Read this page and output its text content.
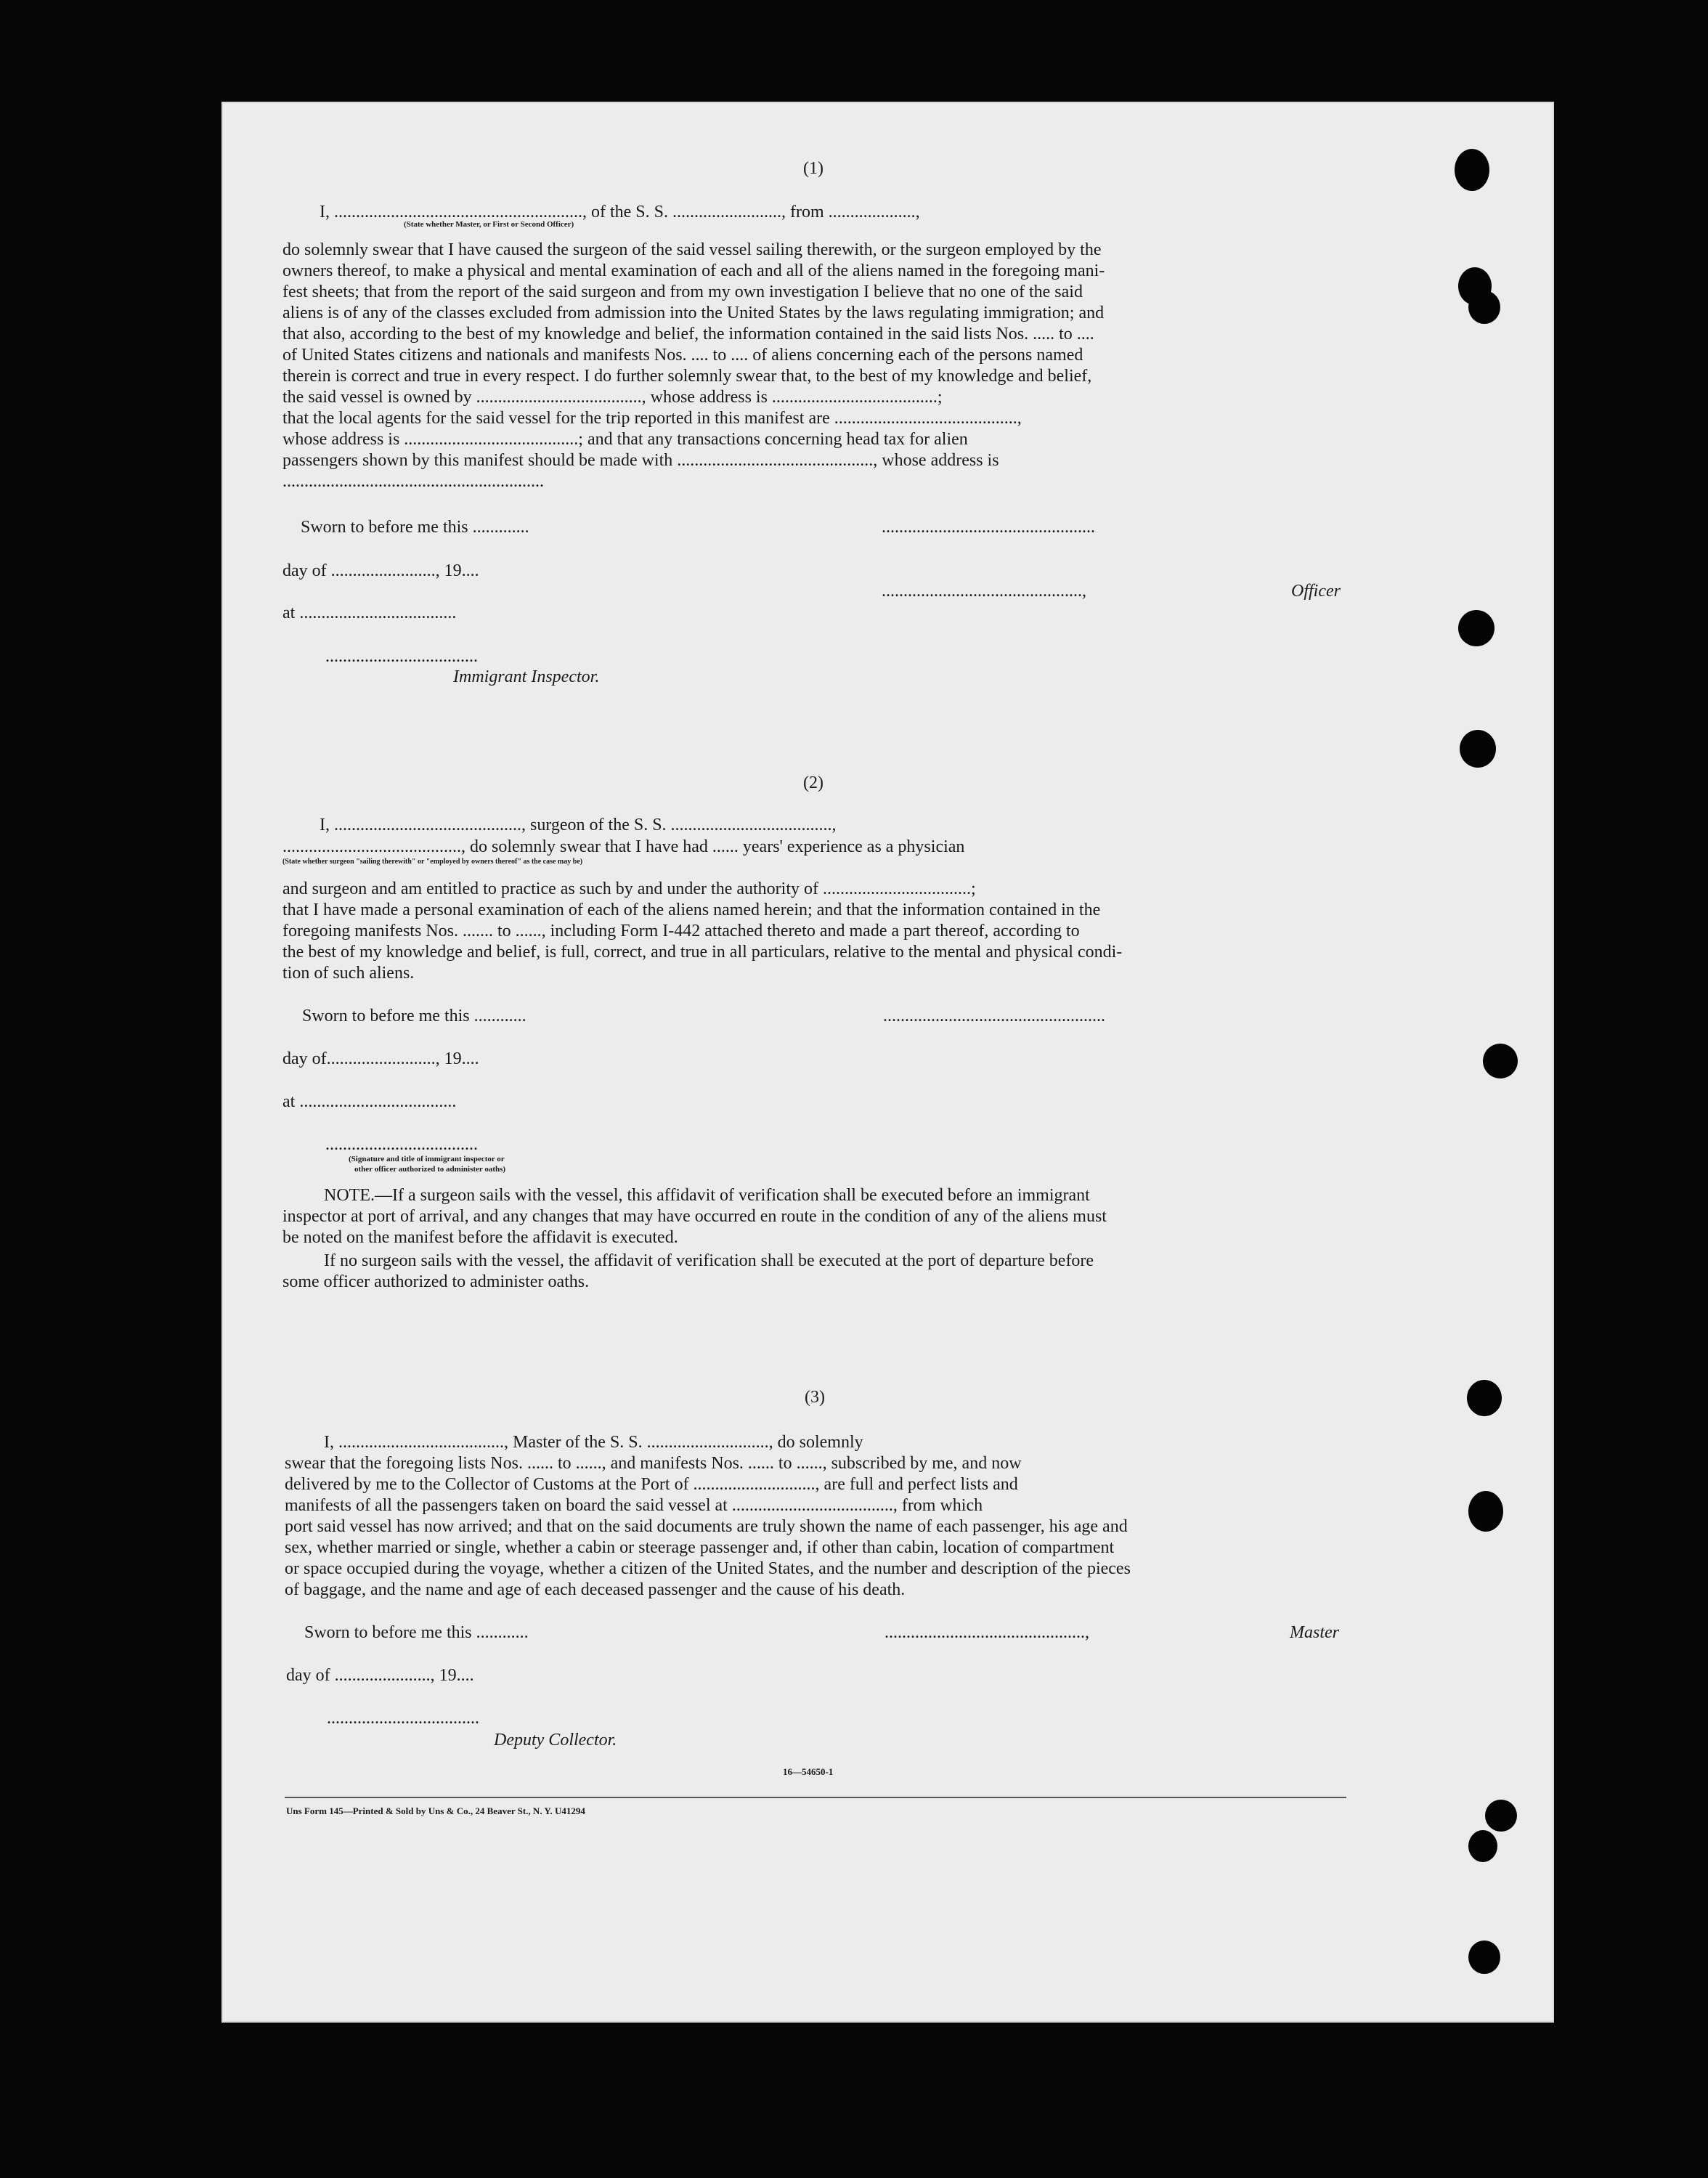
(1)
I, ........................................................., of the S. S. ........................., from ....................,
(State whether Master, or First or Second Officer)
do solemnly swear that I have caused the surgeon of the said vessel sailing therewith, or the surgeon employed by the
owners thereof, to make a physical and mental examination of each and all of the aliens named in the foregoing mani-
fest sheets; that from the report of the said surgeon and from my own investigation I believe that no one of the said
aliens is of any of the classes excluded from admission into the United States by the laws regulating immigration; and
that also, according to the best of my knowledge and belief, the information contained in the said lists Nos. ..... to ....
of United States citizens and nationals and manifests Nos. .... to .... of aliens concerning each of the persons named
therein is correct and true in every respect. I do further solemnly swear that, to the best of my knowledge and belief,
the said vessel is owned by ......................................, whose address is ......................................;
that the local agents for the said vessel for the trip reported in this manifest are ..........................................,
whose address is ........................................; and that any transactions concerning head tax for alien
passengers shown by this manifest should be made with ............................................., whose address is
............................................................
Sworn to before me this .............	.................................................
day of ........................, 19....
..............................................,	Officer
at ....................................
...................................
Immigrant Inspector.
(2)
I, ..........................................., surgeon of the S. S. .....................................,
........................................., do solemnly swear that I have had ...... years' experience as a physician
(State whether surgeon "sailing therewith" or "employed by owners thereof" as the case may be)
and surgeon and am entitled to practice as such by and under the authority of ..................................;
that I have made a personal examination of each of the aliens named herein; and that the information contained in the
foregoing manifests Nos. ....... to ......, including Form I-442 attached thereto and made a part thereof, according to
the best of my knowledge and belief, is full, correct, and true in all particulars, relative to the mental and physical condi-
tion of such aliens.
Sworn to before me this ............	...................................................
day of........................., 19....
at ....................................
...................................
(Signature and title of immigrant inspector or
other officer authorized to administer oaths)
NOTE.—If a surgeon sails with the vessel, this affidavit of verification shall be executed before an immigrant
inspector at port of arrival, and any changes that may have occurred en route in the condition of any of the aliens must
be noted on the manifest before the affidavit is executed.
If no surgeon sails with the vessel, the affidavit of verification shall be executed at the port of departure before
some officer authorized to administer oaths.
(3)
I, ......................................, Master of the S. S. ............................, do solemnly
swear that the foregoing lists Nos. ...... to ......, and manifests Nos. ...... to ......, subscribed by me, and now
delivered by me to the Collector of Customs at the Port of ............................, are full and perfect lists and
manifests of all the passengers taken on board the said vessel at ....................................., from which
port said vessel has now arrived; and that on the said documents are truly shown the name of each passenger, his age and
sex, whether married or single, whether a cabin or steerage passenger and, if other than cabin, location of compartment
or space occupied during the voyage, whether a citizen of the United States, and the number and description of the pieces
of baggage, and the name and age of each deceased passenger and the cause of his death.
Sworn to before me this ............	..............................................,	Master
day of ......................, 19....
...................................
Deputy Collector.
16—54650-1
Uns Form 145—Printed & Sold by Uns & Co., 24 Beaver St., N. Y. U41294
